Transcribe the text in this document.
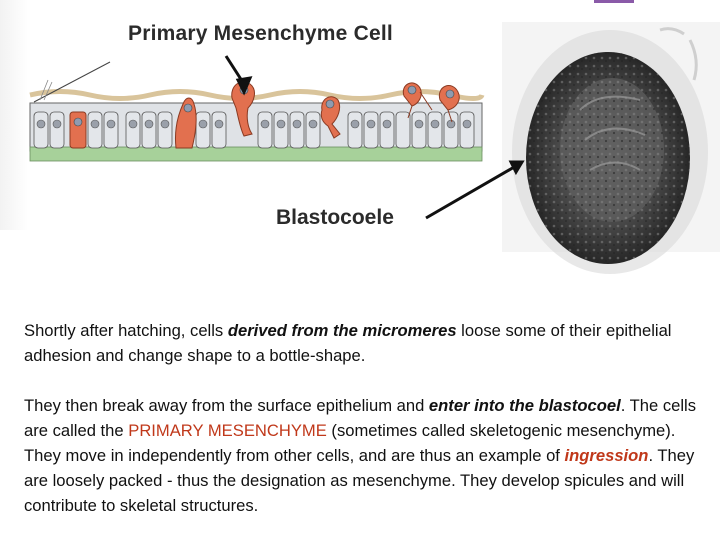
Primary Mesenchyme Cell
Blastocoele

Shortly after hatching, cells derived from the micromeres loose some of their epithelial adhesion and change shape to a bottle-shape.

They then break away from the surface epithelium and enter into the blastocoel. The cells are called the PRIMARY MESENCHYME (sometimes called skeletogenic mesenchyme). They move in independently from other cells, and are thus an example of ingression. They are loosely packed - thus the designation as mesenchyme. They develop spicules and will contribute to skeletal structures.
